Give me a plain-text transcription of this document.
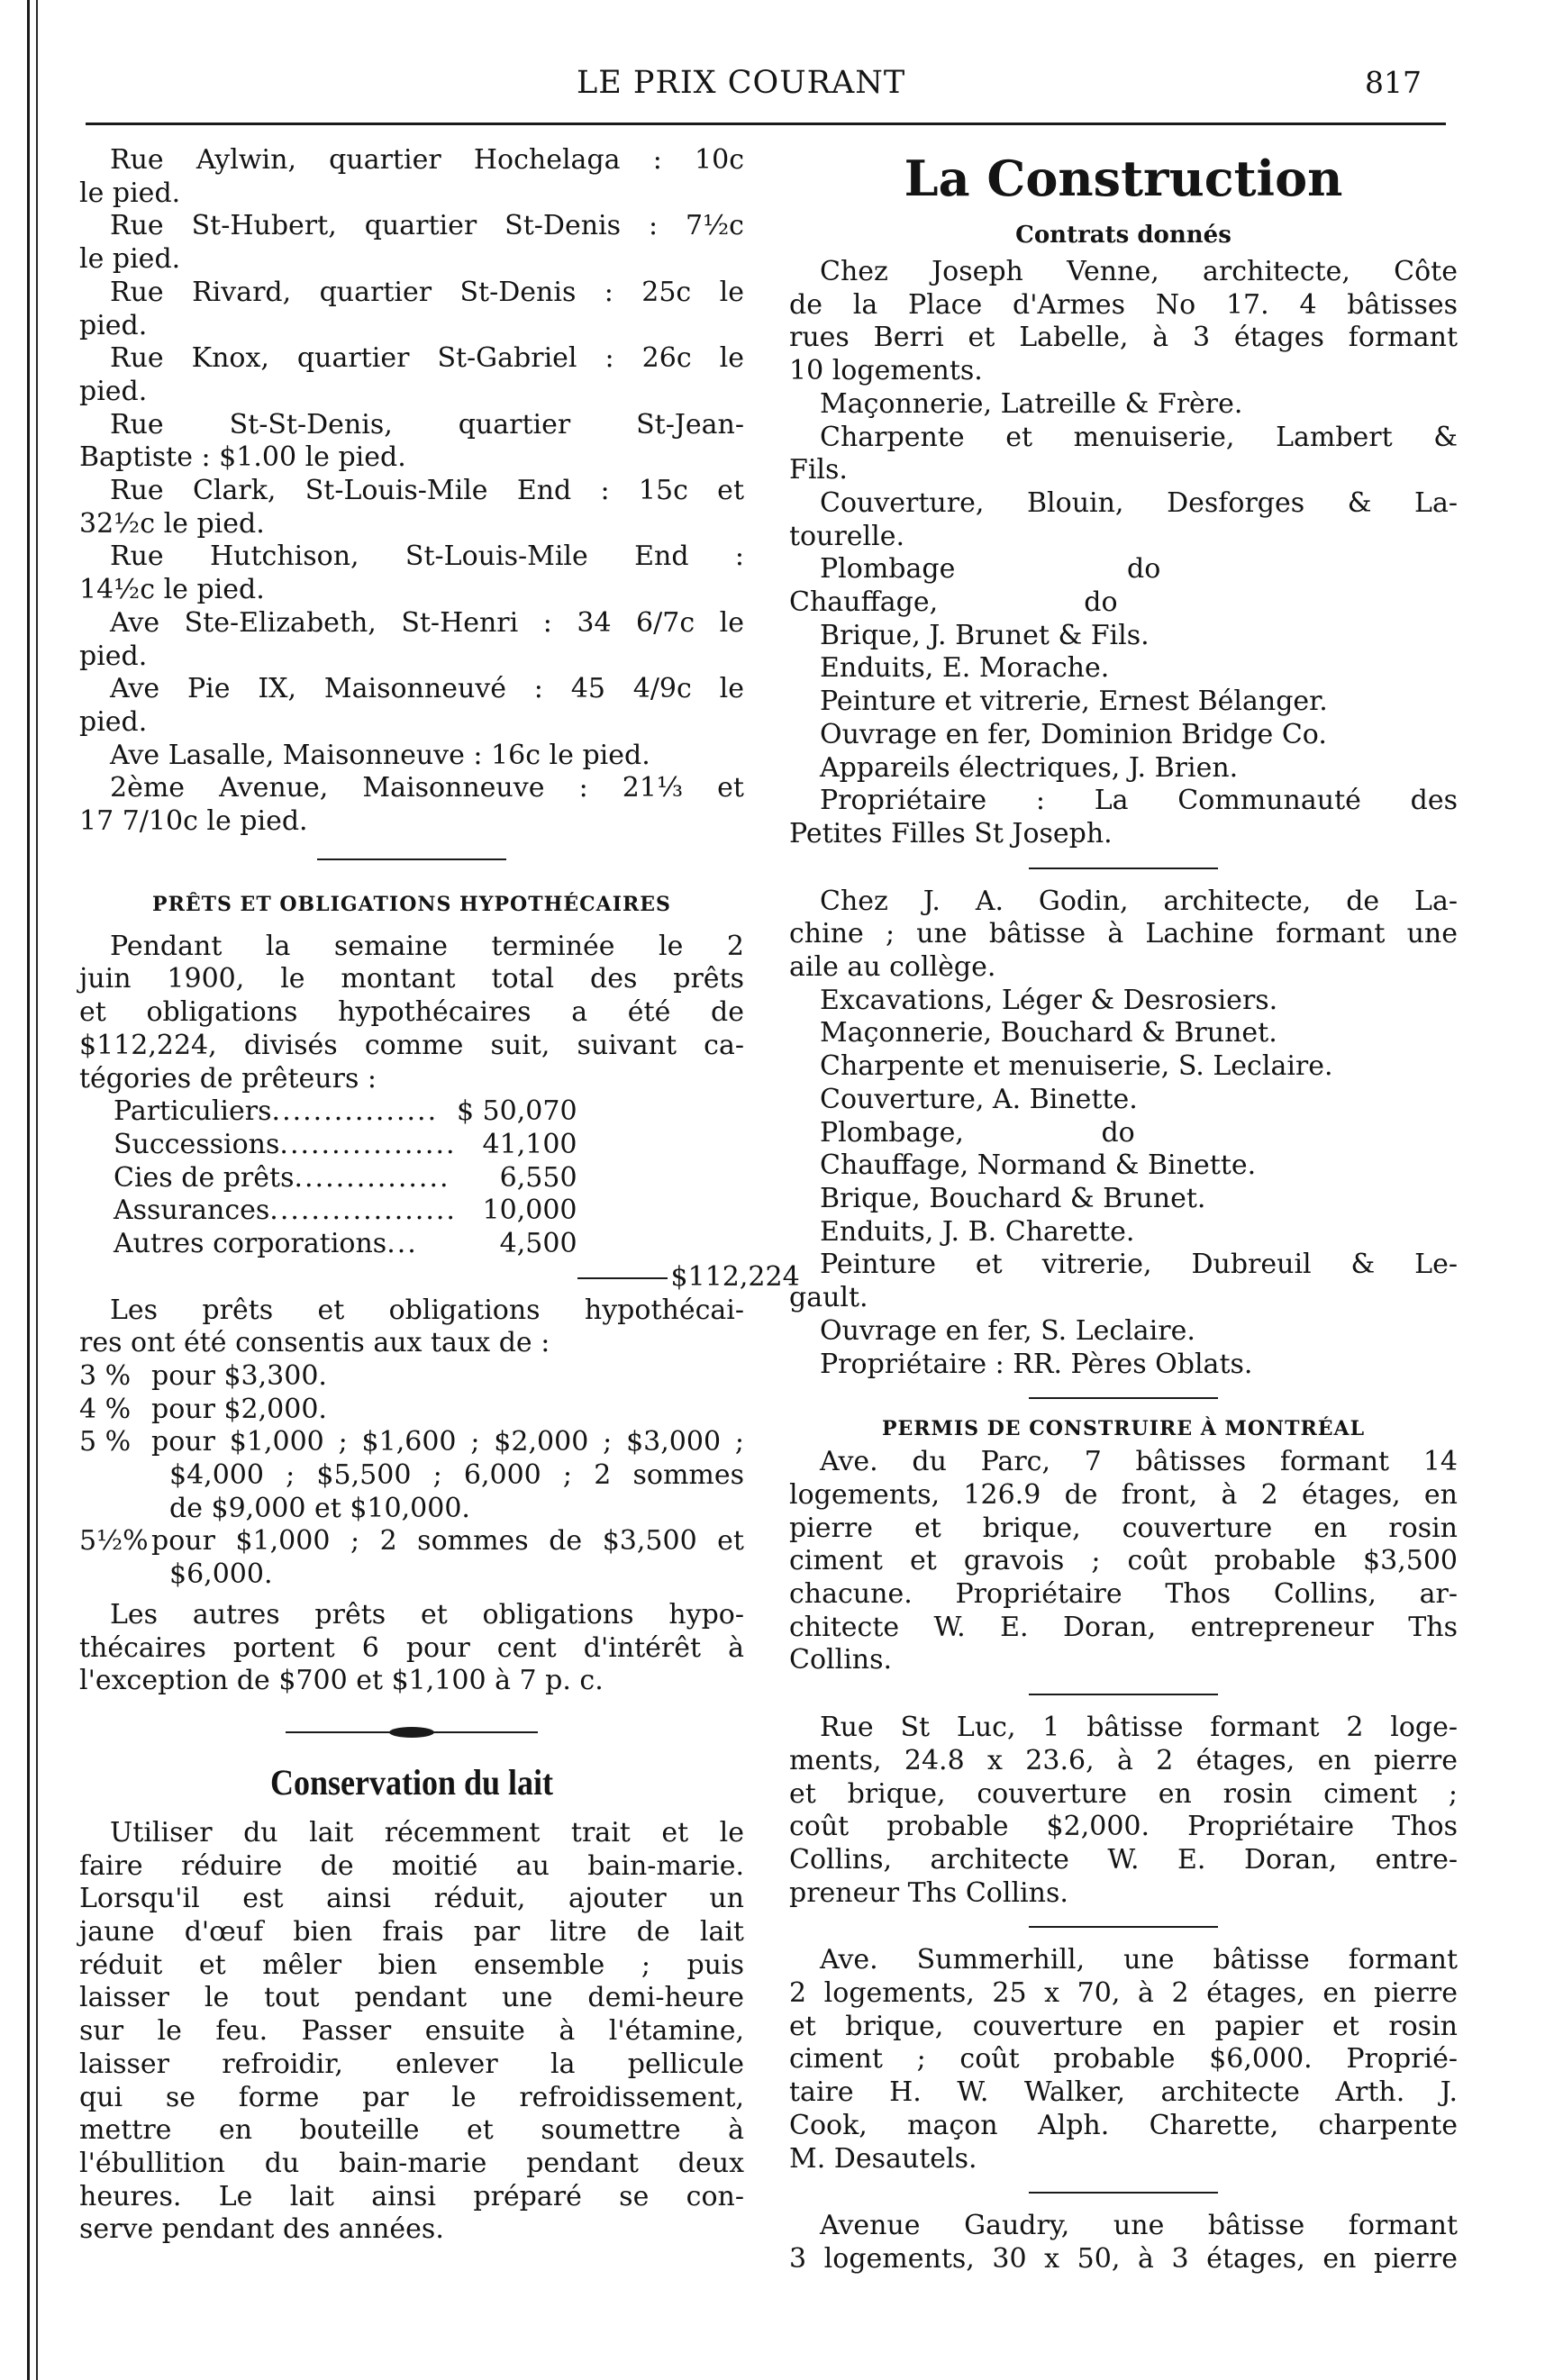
LE PRIX COURANT	817
Rue Aylwin, quartier Hochelaga : 10c
le pied.
Rue St-Hubert, quartier St-Denis : 7½c
le pied.
Rue Rivard, quartier St-Denis : 25c le
pied.
Rue Knox, quartier St-Gabriel : 26c le
pied.
Rue St-St-Denis, quartier St-Jean-
Baptiste : $1.00 le pied.
Rue Clark, St-Louis-Mile End : 15c et
32½c le pied.
Rue Hutchison, St-Louis-Mile End :
14½c le pied.
Ave Ste-Elizabeth, St-Henri : 34 6/7c le
pied.
Ave Pie IX, Maisonneuvé : 45 4/9c le
pied.
Ave Lasalle, Maisonneuve : 16c le pied.
2ème Avenue, Maisonneuve : 21⅓ et
17 7/10c le pied.
PRÊTS ET OBLIGATIONS HYPOTHÉCAIRES
Pendant la semaine terminée le 2
juin 1900, le montant total des prêts
et obligations hypothécaires a été de
$112,224, divisés comme suit, suivant ca-
tégories de prêteurs :
Particuliers................	$ 50,070	
Successions.................	41,100	
Cies de prêts...............	6,550	
Assurances..................	10,000	
Autres corporations...	4,500	
		$112,224
Les prêts et obligations hypothécai-
res ont été consentis aux taux de :
3 % pour $3,300.
4 % pour $2,000.
5 % pour $1,000 ; $1,600 ; $2,000 ; $3,000 ;
$4,000 ; $5,500 ; 6,000 ; 2 sommes
de $9,000 et $10,000.
5½% pour $1,000 ; 2 sommes de $3,500 et
$6,000.
Les autres prêts et obligations hypo-
thécaires portent 6 pour cent d'intérêt à
l'exception de $700 et $1,100 à 7 p. c.
Conservation du lait
Utiliser du lait récemment trait et le
faire réduire de moitié au bain-marie.
Lorsqu'il est ainsi réduit, ajouter un
jaune d'œuf bien frais par litre de lait
réduit et mêler bien ensemble ; puis
laisser le tout pendant une demi-heure
sur le feu. Passer ensuite à l'étamine,
laisser refroidir, enlever la pellicule
qui se forme par le refroidissement,
mettre en bouteille et soumettre à
l'ébullition du bain-marie pendant deux
heures. Le lait ainsi préparé se con-
serve pendant des années.
La Construction
Contrats donnés
Chez Joseph Venne, architecte, Côte
de la Place d'Armes No 17. 4 bâtisses
rues Berri et Labelle, à 3 étages formant
10 logements.
Maçonnerie, Latreille & Frère.
Charpente et menuiserie, Lambert &
Fils.
Couverture, Blouin, Desforges & La-
tourelle.
Plombage                    do
Chauffage,                 do
Brique, J. Brunet & Fils.
Enduits, E. Morache.
Peinture et vitrerie, Ernest Bélanger.
Ouvrage en fer, Dominion Bridge Co.
Appareils électriques, J. Brien.
Propriétaire : La Communauté des
Petites Filles St Joseph.
Chez J. A. Godin, architecte, de La-
chine ; une bâtisse à Lachine formant une
aile au collège.
Excavations, Léger & Desrosiers.
Maçonnerie, Bouchard & Brunet.
Charpente et menuiserie, S. Leclaire.
Couverture, A. Binette.
Plombage,                do
Chauffage, Normand & Binette.
Brique, Bouchard & Brunet.
Enduits, J. B. Charette.
Peinture et vitrerie, Dubreuil & Le-
gault.
Ouvrage en fer, S. Leclaire.
Propriétaire : RR. Pères Oblats.
PERMIS DE CONSTRUIRE À MONTRÉAL
Ave. du Parc, 7 bâtisses formant 14
logements, 126.9 de front, à 2 étages, en
pierre et brique, couverture en rosin
ciment et gravois ; coût probable $3,500
chacune. Propriétaire Thos Collins, ar-
chitecte W. E. Doran, entrepreneur Ths
Collins.
Rue St Luc, 1 bâtisse formant 2 loge-
ments, 24.8 x 23.6, à 2 étages, en pierre
et brique, couverture en rosin ciment ;
coût probable $2,000. Propriétaire Thos
Collins, architecte W. E. Doran, entre-
preneur Ths Collins.
Ave. Summerhill, une bâtisse formant
2 logements, 25 x 70, à 2 étages, en pierre
et brique, couverture en papier et rosin
ciment ; coût probable $6,000. Proprié-
taire H. W. Walker, architecte Arth. J.
Cook, maçon Alph. Charette, charpente
M. Desautels.
Avenue Gaudry, une bâtisse formant
3 logements, 30 x 50, à 3 étages, en pierre
